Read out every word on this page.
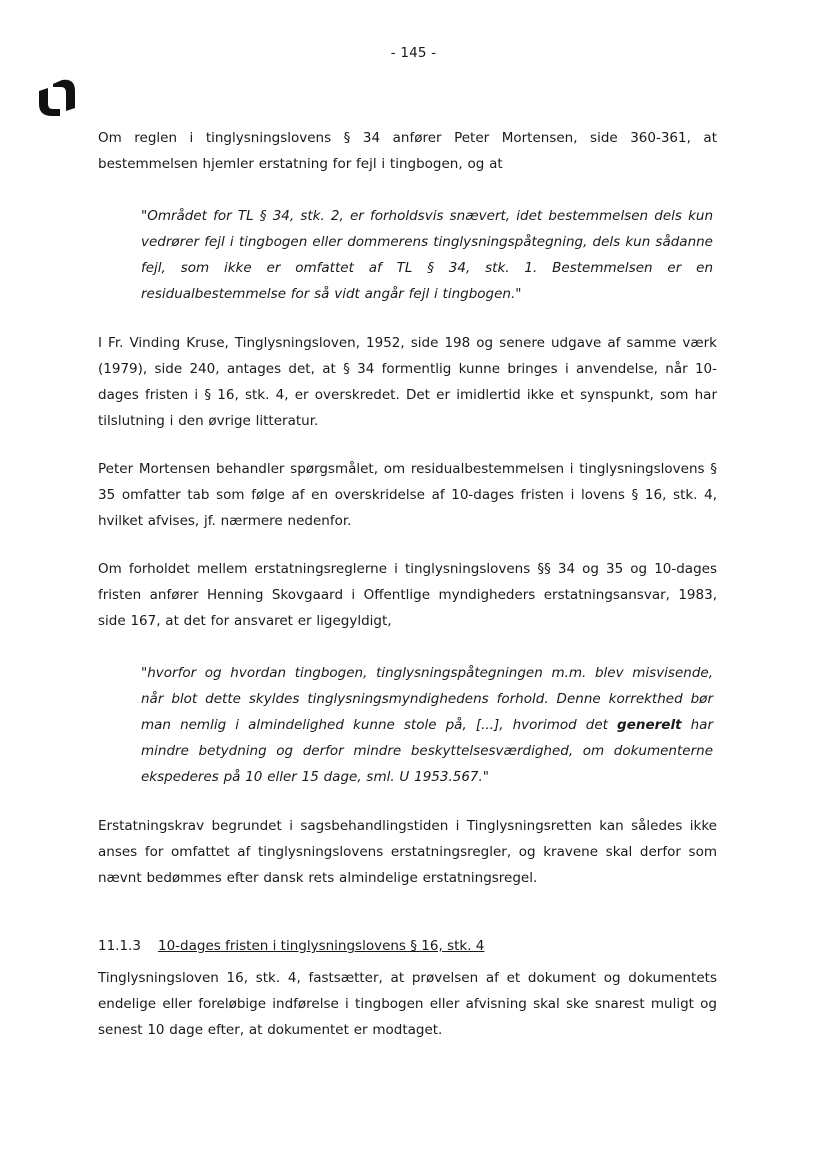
- 145 -

Om reglen i tinglysningslovens § 34 anfører Peter Mortensen, side 360-361, at bestemmelsen hjemler erstatning for fejl i tingbogen, og at

"Området for TL § 34, stk. 2, er forholdsvis snævert, idet bestemmelsen dels kun vedrører fejl i tingbogen eller dommerens tinglysningspåtegning, dels kun sådanne fejl, som ikke er omfattet af TL § 34, stk. 1. Bestemmelsen er en residualbestemmelse for så vidt angår fejl i tingbogen."

I Fr. Vinding Kruse, Tinglysningsloven, 1952, side 198 og senere udgave af samme værk (1979), side 240, antages det, at § 34 formentlig kunne bringes i anvendelse, når 10-dages fristen i § 16, stk. 4, er overskredet. Det er imidlertid ikke et synspunkt, som har tilslutning i den øvrige litteratur.

Peter Mortensen behandler spørgsmålet, om residualbestemmelsen i tinglysningslovens § 35 omfatter tab som følge af en overskridelse af 10-dages fristen i lovens § 16, stk. 4, hvilket afvises, jf. nærmere nedenfor.

Om forholdet mellem erstatningsreglerne i tinglysningslovens §§ 34 og 35 og 10-dages fristen anfører Henning Skovgaard i Offentlige myndigheders erstatningsansvar, 1983, side 167, at det for ansvaret er ligegyldigt,

"hvorfor og hvordan tingbogen, tinglysningspåtegningen m.m. blev misvisende, når blot dette skyldes tinglysningsmyndighedens forhold. Denne korrekthed bør man nemlig i almindelighed kunne stole på, [...], hvorimod det generelt har mindre betydning og derfor mindre beskyttelsesværdighed, om dokumenterne ekspederes på 10 eller 15 dage, sml. U 1953.567."

Erstatningskrav begrundet i sagsbehandlingstiden i Tinglysningsretten kan således ikke anses for omfattet af tinglysningslovens erstatningsregler, og kravene skal derfor som nævnt bedømmes efter dansk rets almindelige erstatningsregel.

11.1.3 10-dages fristen i tinglysningslovens § 16, stk. 4

Tinglysningsloven 16, stk. 4, fastsætter, at prøvelsen af et dokument og dokumentets endelige eller foreløbige indførelse i tingbogen eller afvisning skal ske snarest muligt og senest 10 dage efter, at dokumentet er modtaget.
